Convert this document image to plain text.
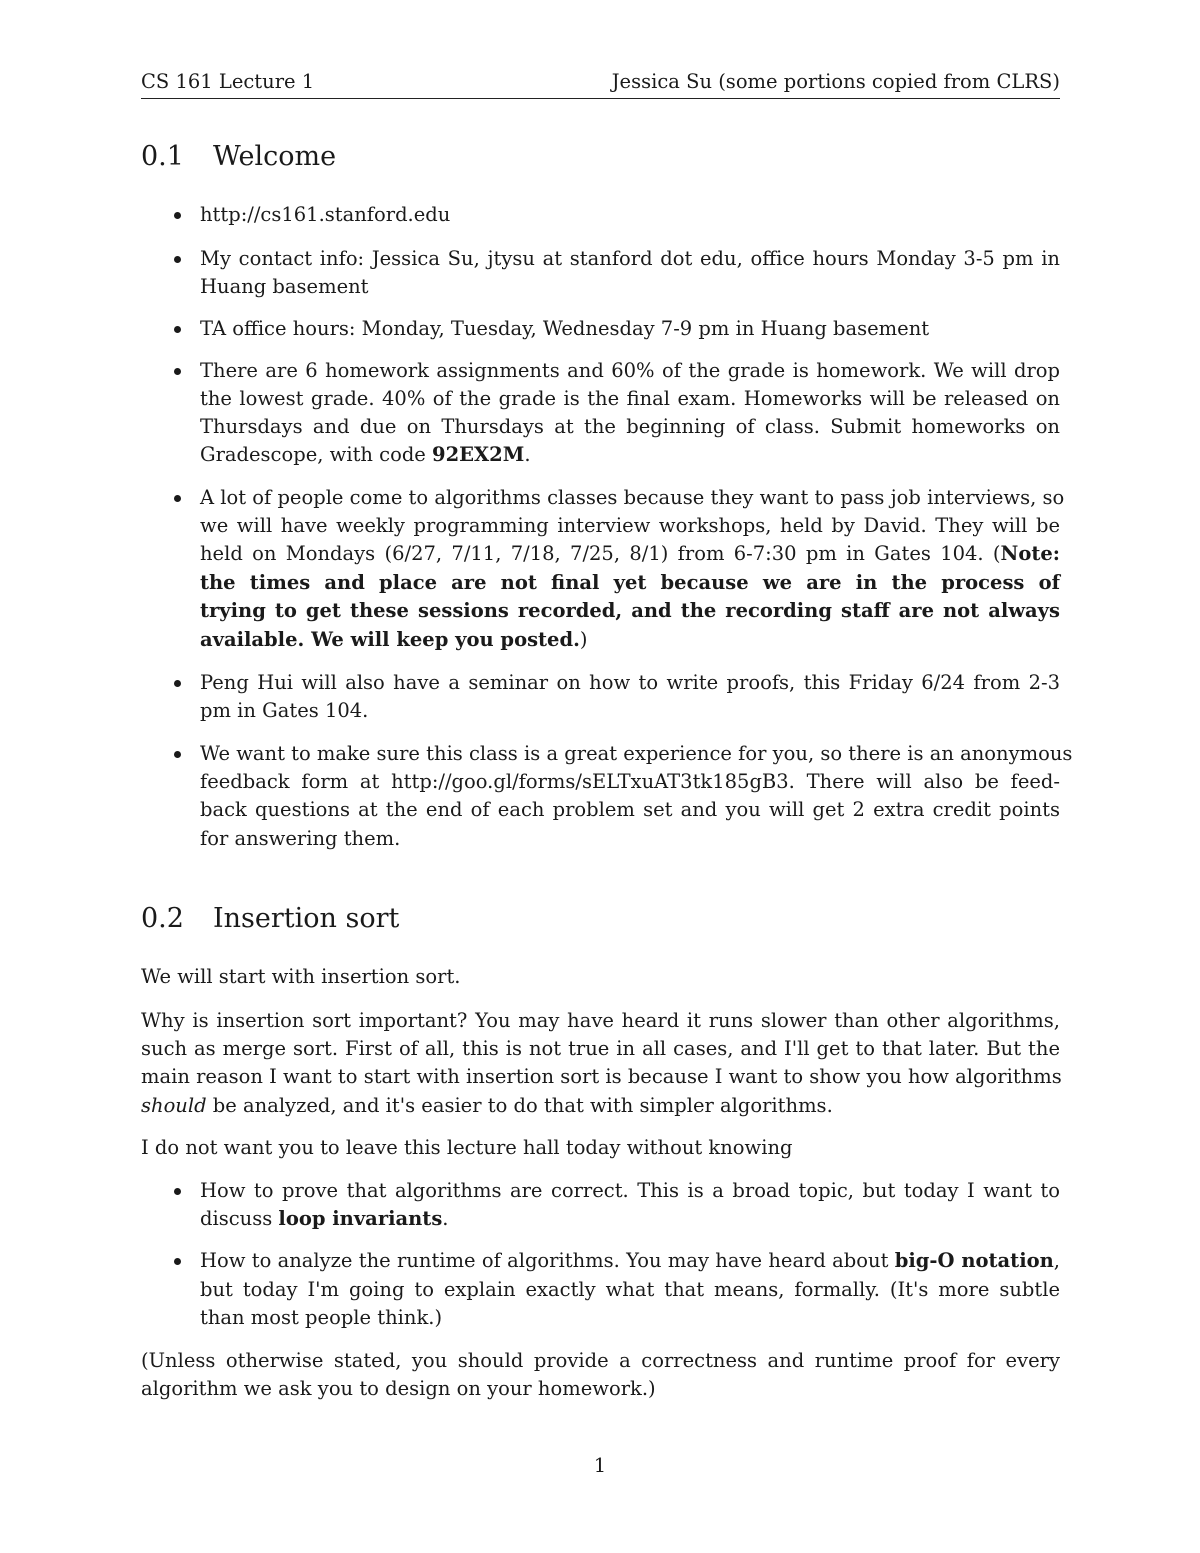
CS 161 Lecture 1	Jessica Su (some portions copied from CLRS)
0.1 Welcome
http://cs161.stanford.edu
My contact info: Jessica Su, jtysu at stanford dot edu, office hours Monday 3-5 pm in
Huang basement
TA office hours: Monday, Tuesday, Wednesday 7-9 pm in Huang basement
There are 6 homework assignments and 60% of the grade is homework. We will drop
the lowest grade. 40% of the grade is the final exam. Homeworks will be released on
Thursdays and due on Thursdays at the beginning of class. Submit homeworks on
Gradescope, with code 92EX2M.
A lot of people come to algorithms classes because they want to pass job interviews, so
we will have weekly programming interview workshops, held by David. They will be
held on Mondays (6/27, 7/11, 7/18, 7/25, 8/1) from 6-7:30 pm in Gates 104. (Note:
the times and place are not final yet because we are in the process of
trying to get these sessions recorded, and the recording staff are not always
available. We will keep you posted.)
Peng Hui will also have a seminar on how to write proofs, this Friday 6/24 from 2-3
pm in Gates 104.
We want to make sure this class is a great experience for you, so there is an anonymous
feedback form at http://goo.gl/forms/sELTxuAT3tk185gB3. There will also be feed-
back questions at the end of each problem set and you will get 2 extra credit points
for answering them.
0.2 Insertion sort
We will start with insertion sort.
Why is insertion sort important? You may have heard it runs slower than other algorithms,
such as merge sort. First of all, this is not true in all cases, and I'll get to that later. But the
main reason I want to start with insertion sort is because I want to show you how algorithms
should be analyzed, and it's easier to do that with simpler algorithms.
I do not want you to leave this lecture hall today without knowing
How to prove that algorithms are correct. This is a broad topic, but today I want to
discuss loop invariants.
How to analyze the runtime of algorithms. You may have heard about big-O notation,
but today I'm going to explain exactly what that means, formally. (It's more subtle
than most people think.)
(Unless otherwise stated, you should provide a correctness and runtime proof for every
algorithm we ask you to design on your homework.)
1
